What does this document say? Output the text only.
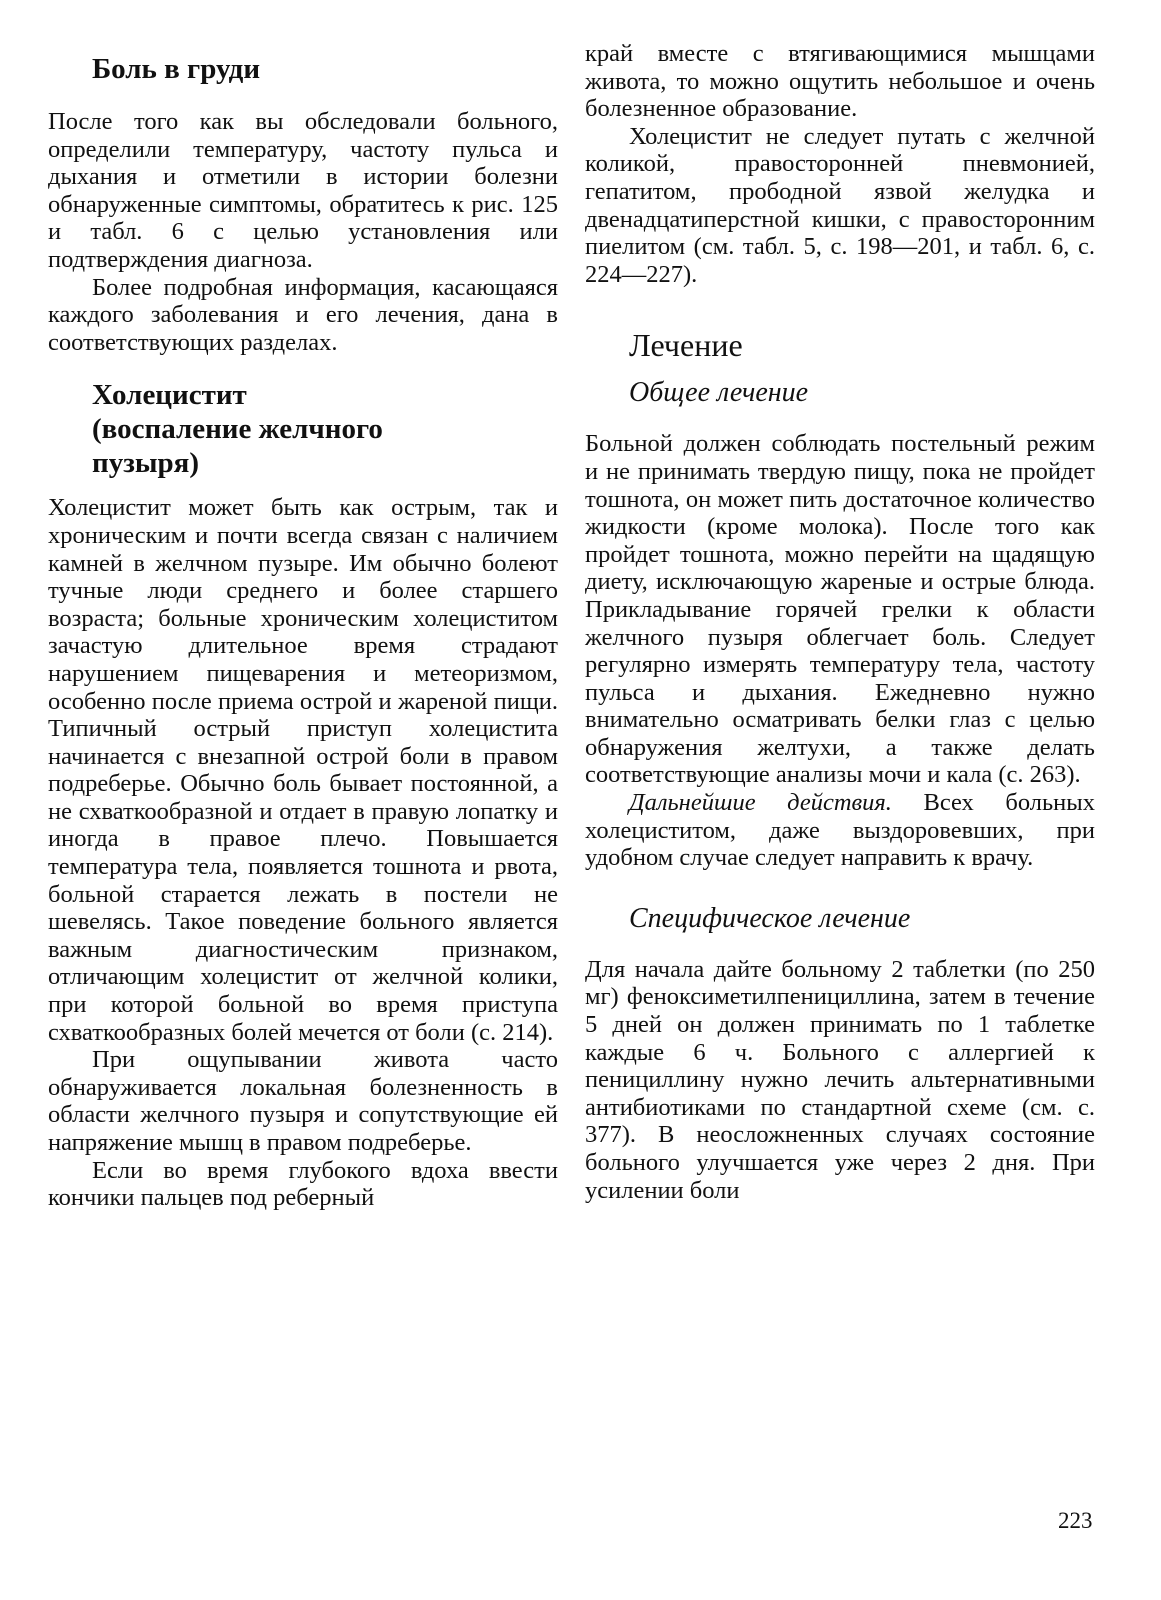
Боль в груди

После того как вы обследовали больного, определили температуру, частоту пульса и дыхания и отметили в истории болезни обнаруженные симптомы, обратитесь к рис. 125 и табл. 6 с целью установления или подтверждения диагноза.

Более подробная информация, касающаяся каждого заболевания и его лечения, дана в соответствующих разделах.

Холецистит
(воспаление желчного
пузыря)

Холецистит может быть как острым, так и хроническим и почти всегда связан с наличием камней в желчном пузыре. Им обычно болеют тучные люди среднего и более старшего возраста; больные хроническим холециститом зачастую длительное время страдают нарушением пищеварения и метеоризмом, особенно после приема острой и жареной пищи. Типичный острый приступ холецистита начинается с внезапной острой боли в правом подреберье. Обычно боль бывает постоянной, а не схваткообразной и отдает в правую лопатку и иногда в правое плечо. Повышается температура тела, появляется тошнота и рвота, больной старается лежать в постели не шевелясь. Такое поведение больного является важным диагностическим признаком, отличающим холецистит от желчной колики, при которой больной во время приступа схваткообразных болей мечется от боли (с. 214).

При ощупывании живота часто обнаруживается локальная болезненность в области желчного пузыря и сопутствующие ей напряжение мышц в правом подреберье.

Если во время глубокого вдоха ввести кончики пальцев под реберный

край вместе с втягивающимися мышцами живота, то можно ощутить небольшое и очень болезненное образование.

Холецистит не следует путать с желчной коликой, правосторонней пневмонией, гепатитом, прободной язвой желудка и двенадцатиперстной кишки, с правосторонним пиелитом (см. табл. 5, с. 198—201, и табл. 6, с. 224—227).

Лечение
Общее лечение

Больной должен соблюдать постельный режим и не принимать твердую пищу, пока не пройдет тошнота, он может пить достаточное количество жидкости (кроме молока). После того как пройдет тошнота, можно перейти на щадящую диету, исключающую жареные и острые блюда. Прикладывание горячей грелки к области желчного пузыря облегчает боль. Следует регулярно измерять температуру тела, частоту пульса и дыхания. Ежедневно нужно внимательно осматривать белки глаз с целью обнаружения желтухи, а также делать соответствующие анализы мочи и кала (с. 263).

Дальнейшие действия. Всех больных холециститом, даже выздоровевших, при удобном случае следует направить к врачу.

Специфическое лечение

Для начала дайте больному 2 таблетки (по 250 мг) феноксиметилпенициллина, затем в течение 5 дней он должен принимать по 1 таблетке каждые 6 ч. Больного с аллергией к пенициллину нужно лечить альтернативными антибиотиками по стандартной схеме (см. с. 377). В неосложненных случаях состояние больного улучшается уже через 2 дня. При усилении боли

223
